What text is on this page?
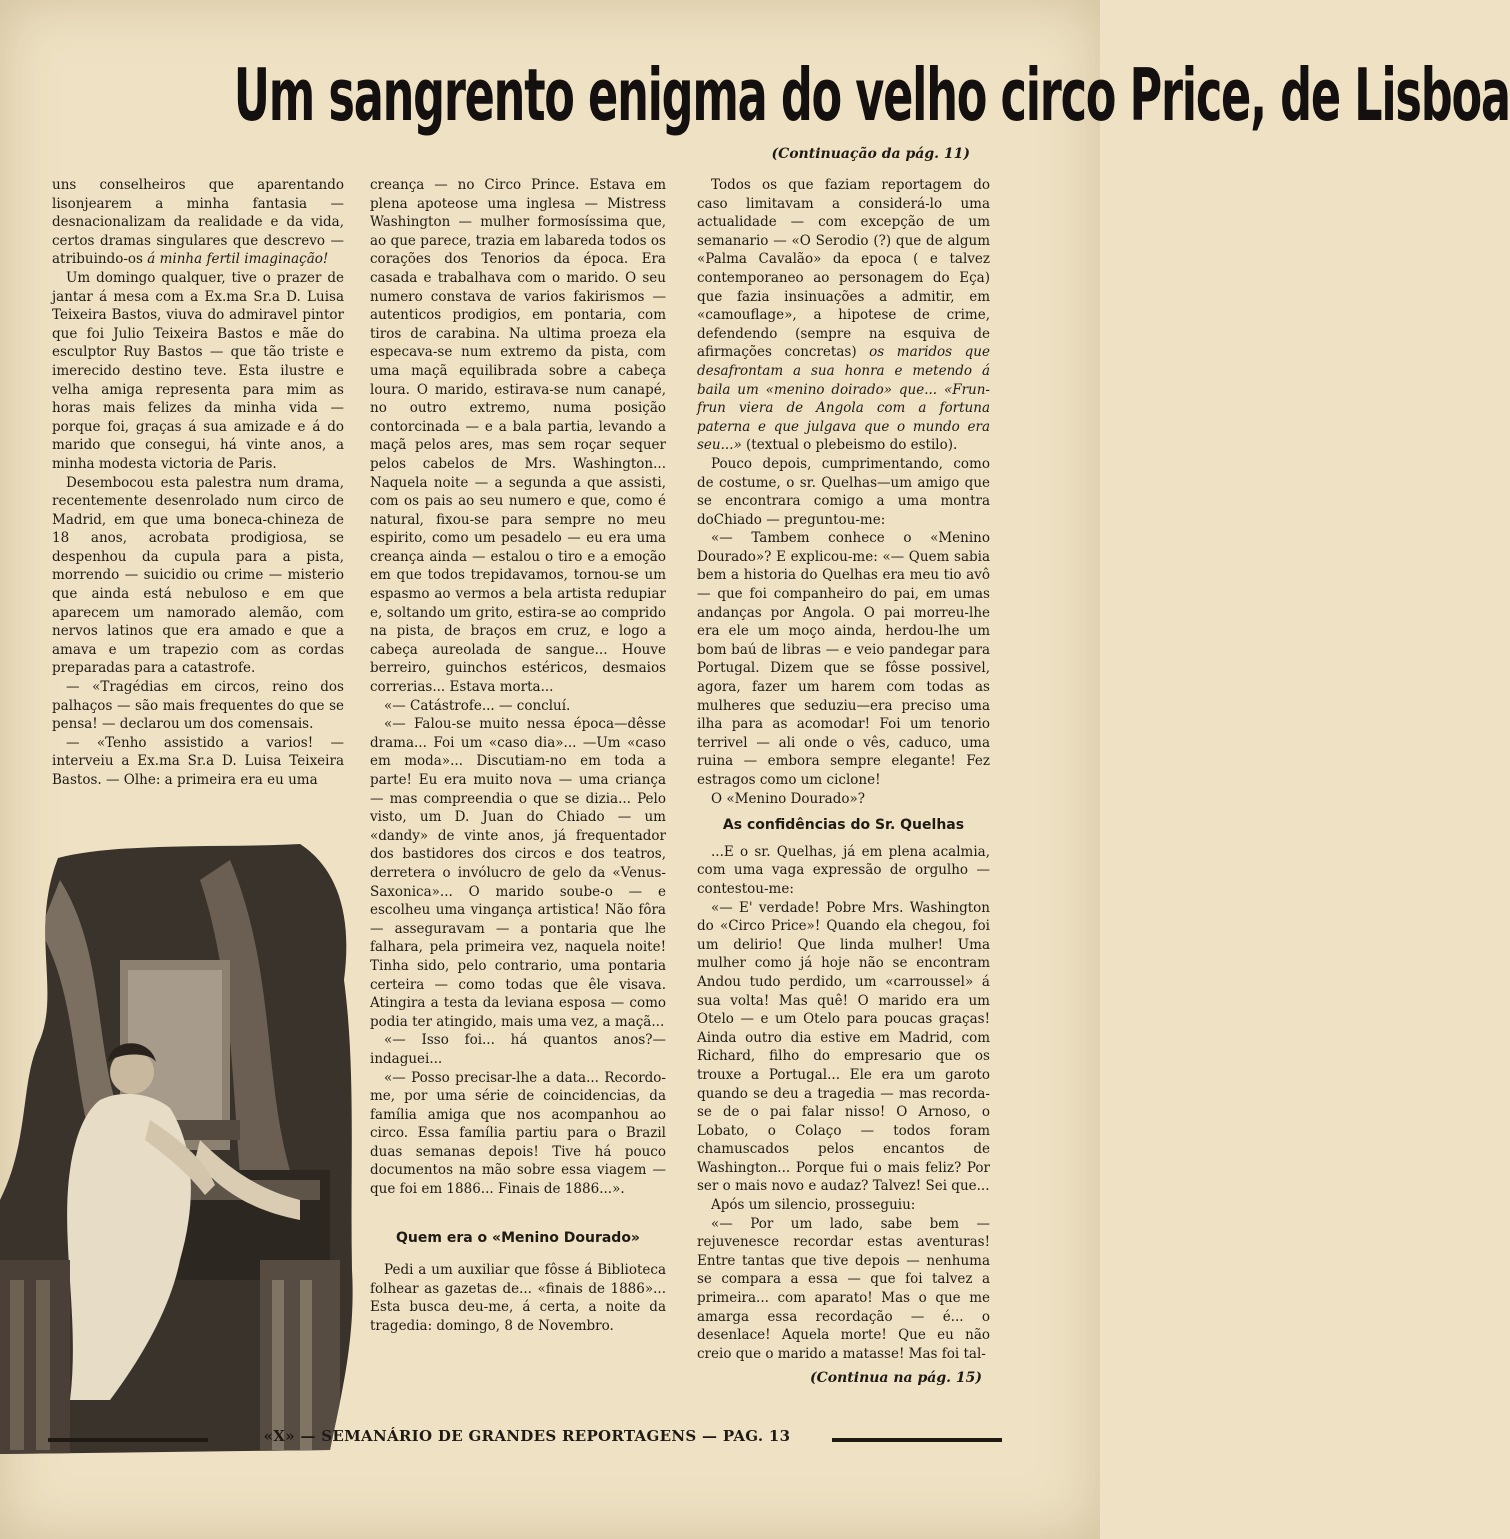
Um sangrento enigma do velho circo Price, de Lisboa
(Continuação da pág. 11)

uns conselheiros que aparentando lisonjearem a minha fantasia — desnacionalizam da realidade e da vida, certos dramas singulares que descrevo — atribuindo-os á minha fertil imaginação!

Um domingo qualquer, tive o prazer de jantar á mesa com a Ex.ma Sr.a D. Luisa Teixeira Bastos, viuva do admiravel pintor que foi Julio Teixeira Bastos e mãe do esculptor Ruy Bastos — que tão triste e imerecido destino teve. Esta ilustre e velha amiga representa para mim as horas mais felizes da minha vida — porque foi, graças á sua amizade e á do marido que consegui, há vinte anos, a minha modesta victoria de Paris.

Desembocou esta palestra num drama, recentemente desenrolado num circo de Madrid, em que uma boneca-chineza de 18 anos, acrobata prodigiosa, se despenhou da cupula para a pista, morrendo — suicidio ou crime — misterio que ainda está nebuloso e em que aparecem um namorado alemão, com nervos latinos que era amado e que a amava e um trapezio com as cordas preparadas para a catastrofe.

— «Tragédias em circos, reino dos palhaços — são mais frequentes do que se pensa! — declarou um dos comensais.

— «Tenho assistido a varios! — interveiu a Ex.ma Sr.a D. Luisa Teixeira Bastos. — Olhe: a primeira era eu uma

creança — no Circo Prince. Estava em plena apoteose uma inglesa — Mistress Washington — mulher formosíssima que, ao que parece, trazia em labareda todos os corações dos Tenorios da época. Era casada e trabalhava com o marido. O seu numero constava de varios fakirismos — autenticos prodigios, em pontaria, com tiros de carabina. Na ultima proeza ela especava-se num extremo da pista, com uma maçã equilibrada sobre a cabeça loura. O marido, estirava-se num canapé, no outro extremo, numa posição contorcinada — e a bala partia, levando a maçã pelos ares, mas sem roçar sequer pelos cabelos de Mrs. Washington... Naquela noite — a segunda a que assisti, com os pais ao seu numero e que, como é natural, fixou-se para sempre no meu espirito, como um pesadelo — eu era uma creança ainda — estalou o tiro e a emoção em que todos trepidavamos, tornou-se um espasmo ao vermos a bela artista redupiar e, soltando um grito, estira-se ao comprido na pista, de braços em cruz, e logo a cabeça aureolada de sangue... Houve berreiro, guinchos estéricos, desmaios correrias... Estava morta...

«— Catástrofe... — concluí.

«— Falou-se muito nessa época—dêsse drama... Foi um «caso dia»... —Um «caso em moda»... Discutiam-no em toda a parte! Eu era muito nova — uma criança — mas compreendia o que se dizia... Pelo visto, um D. Juan do Chiado — um «dandy» de vinte anos, já frequentador dos bastidores dos circos e dos teatros, derretera o invólucro de gelo da «Venus-Saxonica»... O marido soube-o — e escolheu uma vingança artistica! Não fôra — asseguravam — a pontaria que lhe falhara, pela primeira vez, naquela noite! Tinha sido, pelo contrario, uma pontaria certeira — como todas que êle visava. Atingira a testa da leviana esposa — como podia ter atingido, mais uma vez, a maçã...

«— Isso foi... há quantos anos?—indaguei...

«— Posso precisar-lhe a data... Recordo-me, por uma série de coincidencias, da família amiga que nos acompanhou ao circo. Essa família partiu para o Brazil duas semanas depois! Tive há pouco documentos na mão sobre essa viagem — que foi em 1886... Finais de 1886...».

Quem era o «Menino Dourado»

Pedi a um auxiliar que fôsse á Biblioteca folhear as gazetas de... «finais de 1886»... Esta busca deu-me, á certa, a noite da tragedia: domingo, 8 de Novembro.

Todos os que faziam reportagem do caso limitavam a considerá-lo uma actualidade — com excepção de um semanario — «O Serodio (?) que de algum «Palma Cavalão» da epoca ( e talvez contemporaneo ao personagem do Eça) que fazia insinuações a admitir, em «camouflage», a hipotese de crime, defendendo (sempre na esquiva de afirmações concretas) os maridos que desafrontam a sua honra e metendo á baila um «menino doirado» que... «Frun-frun viera de Angola com a fortuna paterna e que julgava que o mundo era seu...» (textual o plebeismo do estilo).

Pouco depois, cumprimentando, como de costume, o sr. Quelhas—um amigo que se encontrara comigo a uma montra doChiado — preguntou-me:

«— Tambem conhece o «Menino Dourado»? E explicou-me: «— Quem sabia bem a historia do Quelhas era meu tio avô — que foi companheiro do pai, em umas andanças por Angola. O pai morreu-lhe era ele um moço ainda, herdou-lhe um bom baú de libras — e veio pandegar para Portugal. Dizem que se fôsse possivel, agora, fazer um harem com todas as mulheres que seduziu—era preciso uma ilha para as acomodar! Foi um tenorio terrivel — ali onde o vês, caduco, uma ruina — embora sempre elegante! Fez estragos como um ciclone!

O «Menino Dourado»?

As confidências do Sr. Quelhas

...E o sr. Quelhas, já em plena acalmia, com uma vaga expressão de orgulho — contestou-me:

«— E' verdade! Pobre Mrs. Washington do «Circo Price»! Quando ela chegou, foi um delirio! Que linda mulher! Uma mulher como já hoje não se encontram Andou tudo perdido, um «carroussel» á sua volta! Mas quê! O marido era um Otelo — e um Otelo para poucas graças! Ainda outro dia estive em Madrid, com Richard, filho do empresario que os trouxe a Portugal... Ele era um garoto quando se deu a tragedia — mas recorda-se de o pai falar nisso! O Arnoso, o Lobato, o Colaço — todos foram chamuscados pelos encantos de Washington... Porque fui o mais feliz? Por ser o mais novo e audaz? Talvez! Sei que...

Após um silencio, prosseguiu:

«— Por um lado, sabe bem — rejuvenesce recordar estas aventuras! Entre tantas que tive depois — nenhuma se compara a essa — que foi talvez a primeira... com aparato! Mas o que me amarga essa recordação — é... o desenlace! Aquela morte! Que eu não creio que o marido a matasse! Mas foi tal-

(Continua na pág. 15)
«X» — SEMANÁRIO DE GRANDES REPORTAGENS — PAG. 13
